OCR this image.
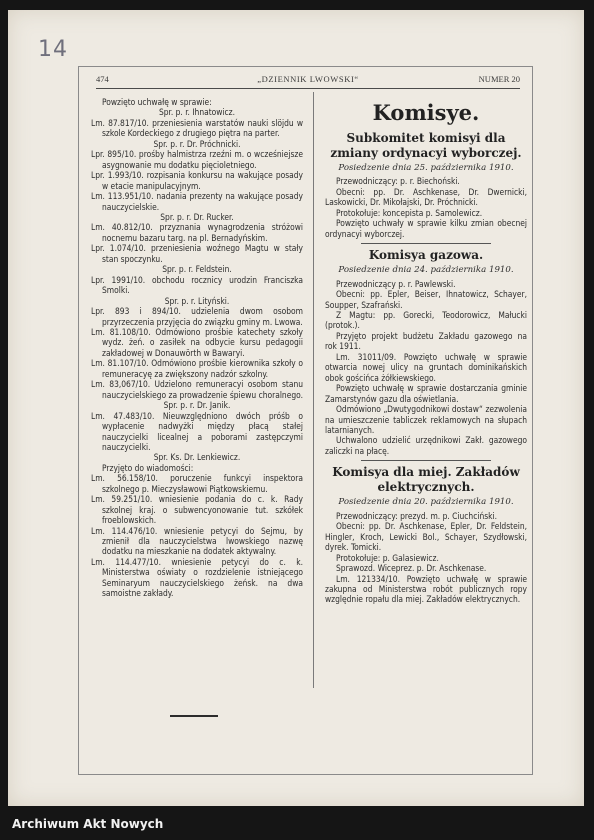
14
474	„DZIENNIK LWOWSKI“	NUMER 20

Powzięto uchwałę w sprawie:

Spr. p. r. Ihnatowicz.

Lm. 87.817/10. przeniesienia warstatów nauki slöjdu w szkole Kordeckiego z drugiego piętra na parter.

Spr. p. r. Dr. Próchnicki.

Lpr. 895/10. prośby halmistrza rzeźni m. o wcześniejsze asygnowanie mu dodatku pięcioletniego.

Lpr. 1.993/10. rozpisania konkursu na wakujące posady w etacie manipulacyjnym.

Lm. 113.951/10. nadania prezenty na wakujące posady nauczycielskie.

Spr. p. r. Dr. Rucker.

Lm. 40.812/10. przyznania wynagrodzenia stróżowi nocnemu bazaru targ. na pl. Bernadyńskim.

Lpr. 1.074/10. przeniesienia woźnego Magtu w stały stan spoczynku.

Spr. p. r. Feldstein.

Lpr. 1991/10. obchodu rocznicy urodzin Franciszka Smolki.

Spr. p. r. Lityński.

Lpr. 893 i 894/10. udzielenia dwom osobom przyrzeczenia przyjęcia do związku gminy m. Lwowa.

Lm. 81.108/10. Odmówiono prośbie katechety szkoły wydz. żeń. o zasiłek na odbycie kursu pedagogii zakładowej w Donauwörth w Bawaryi.

Lm. 81.107/10. Odmówiono prośbie kierownika szkoły o remuneracyę za zwiększony nadzór szkolny.

Lm. 83,067/10. Udzielono remuneracyi osobom stanu nauczycielskiego za prowadzenie śpiewu choralnego.

Spr. p. r. Dr. Janik.

Lm. 47.483/10. Nieuwzględniono dwóch próśb o wypłacenie nadwyżki między płacą stałej nauczycielki licealnej a poborami zastępczymi nauczycielki.

Spr. Ks. Dr. Lenkiewicz.

Przyjęto do wiadomości:

Lm. 56.158/10. poruczenie funkcyi inspektora szkolnego p. Mieczysławowi Piątkowskiemu.

Lm. 59.251/10. wniesienie podania do c. k. Rady szkolnej kraj. o subwencyonowanie tut. szkółek froeblowskich.

Lm. 114.476/10. wniesienie petycyi do Sejmu, by zmienił dla nauczycielstwa lwowskiego nazwę dodatku na mieszkanie na dodatek aktywalny.

Lm. 114.477/10. wniesienie petycyi do c. k. Ministerstwa oświaty o rozdzielenie istniejącego Seminaryum nauczycielskiego żeńsk. na dwa samoistne zakłady.

Komisye.
Subkomitet komisyi dla zmiany ordynacyi wyborczej.
Posiedzenie dnia 25. października 1910.

Przewodniczący: p. r. Biechoński.

Obecni: pp. Dr. Aschkenase, Dr. Dwernicki, Laskowicki, Dr. Mikołajski, Dr. Próchnicki.

Protokołuje: koncepista p. Samolewicz.

Powzięto uchwały w sprawie kilku zmian obecnej ordynacyi wyborczej.

Komisya gazowa.
Posiedzenie dnia 24. października 1910.

Przewodniczący p. r. Pawlewski.

Obecni: pp. Epler, Beiser, Ihnatowicz, Schayer, Soupper, Szafrański.

Z Magtu: pp. Gorecki, Teodorowicz, Małucki (protok.).

Przyjęto projekt budżetu Zakładu gazowego na rok 1911.

Lm. 31011/09. Powzięto uchwałę w sprawie otwarcia nowej ulicy na gruntach dominikańskich obok gościńca żółkiewskiego.

Powzięto uchwałę w sprawie dostarczania gminie Zamarstynów gazu dla oświetlania.

Odmówiono „Dwutygodnikowi dostaw“ zezwolenia na umieszczenie tabliczek reklamowych na słupach latarnianych.

Uchwalono udzielić urzędnikowi Zakł. gazowego zaliczki na płacę.

Komisya dla miej. Zakładów elektrycznych.
Posiedzenie dnia 20. października 1910.

Przewodniczący: prezyd. m. p. Ciuchciński.

Obecni: pp. Dr. Aschkenase, Epler, Dr. Feldstein, Hingler, Kroch, Lewicki Bol., Schayer, Szydłowski, dyrek. Tomicki.

Protokołuje: p. Galasiewicz.

Sprawozd. Wiceprez. p. Dr. Aschkenase.

Lm. 121334/10. Powzięto uchwałę w sprawie zakupna od Ministerstwa robót publicznych ropy względnie ropału dla miej. Zakładów elektrycznych.

Archiwum Akt Nowych
